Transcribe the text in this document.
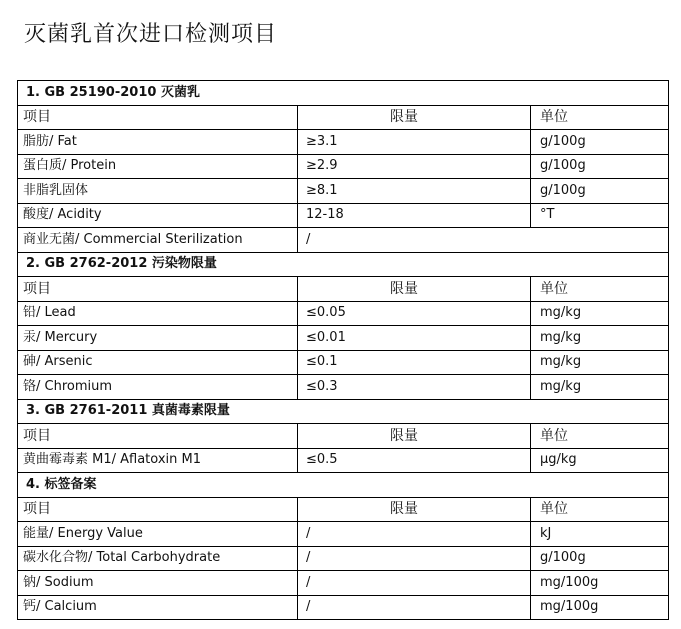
灭菌乳首次进口检测项目
1. GB 25190-2010 灭菌乳		
项目	限量	单位
脂肪/ Fat	≥3.1	g/100g
蛋白质/ Protein	≥2.9	g/100g
非脂乳固体	≥8.1	g/100g
酸度/ Acidity	12-18	°T
商业无菌/ Commercial Sterilization	/	
2. GB 2762-2012 污染物限量		
项目	限量	单位
铅/ Lead	≤0.05	mg/kg
汞/ Mercury	≤0.01	mg/kg
砷/ Arsenic	≤0.1	mg/kg
铬/ Chromium	≤0.3	mg/kg
3. GB 2761-2011 真菌毒素限量		
项目	限量	单位
黄曲霉毒素 M1/ Aflatoxin M1	≤0.5	μg/kg
4. 标签备案		
项目	限量	单位
能量/ Energy Value	/	kJ
碳水化合物/ Total Carbohydrate	/	g/100g
钠/ Sodium	/	mg/100g
钙/ Calcium	/	mg/100g
